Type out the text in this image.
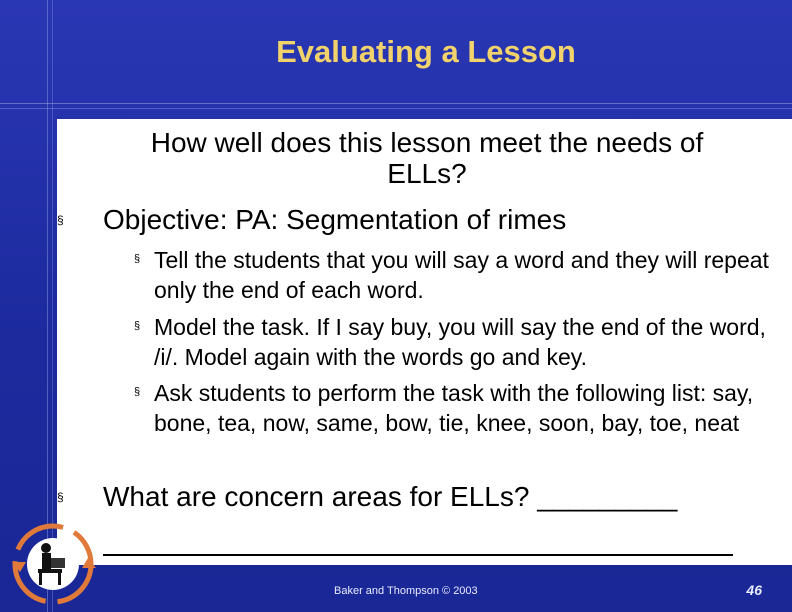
Evaluating a Lesson
How well does this lesson meet the needs of ELLs?
§ Objective: PA: Segmentation of rimes
§ Tell the students that you will say a word and they will repeat only the end of each word.
§ Model the task. If I say buy, you will say the end of the word, /i/. Model again with the words go and key.
§ Ask students to perform the task with the following list: say, bone, tea, now, same, bow, tie, knee, soon, bay, toe, neat
§ What are concern areas for ELLs? _________
Baker and Thompson © 2003	46
